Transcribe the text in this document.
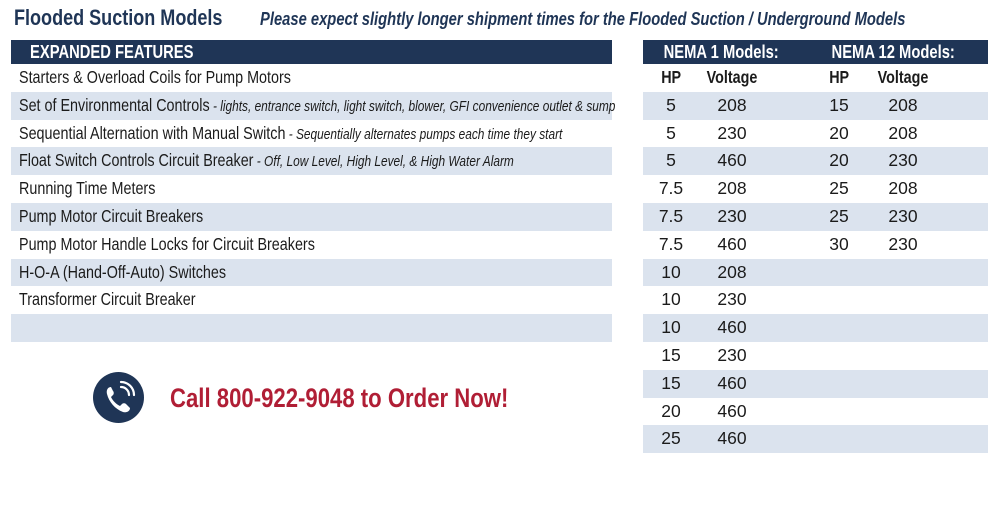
Flooded Suction Models	Please expect slightly longer shipment times for the Flooded Suction / Underground Models
EXPANDED FEATURES
Starters & Overload Coils for Pump Motors
Set of Environmental Controls - lights, entrance switch, light switch, blower, GFI convenience outlet & sump
Sequential Alternation with Manual Switch - Sequentially alternates pumps each time they start
Float Switch Controls Circuit Breaker - Off, Low Level, High Level, & High Water Alarm
Running Time Meters
Pump Motor Circuit Breakers
Pump Motor Handle Locks for Circuit Breakers
H-O-A (Hand-Off-Auto) Switches
Transformer Circuit Breaker
Call 800-922-9048 to Order Now!
NEMA 1 Models:	NEMA 12 Models:
HP	Voltage	HP	Voltage
5	208	15	208
5	230	20	208
5	460	20	230
7.5	208	25	208
7.5	230	25	230
7.5	460	30	230
10	208
10	230
10	460
15	230
15	460
20	460
25	460
